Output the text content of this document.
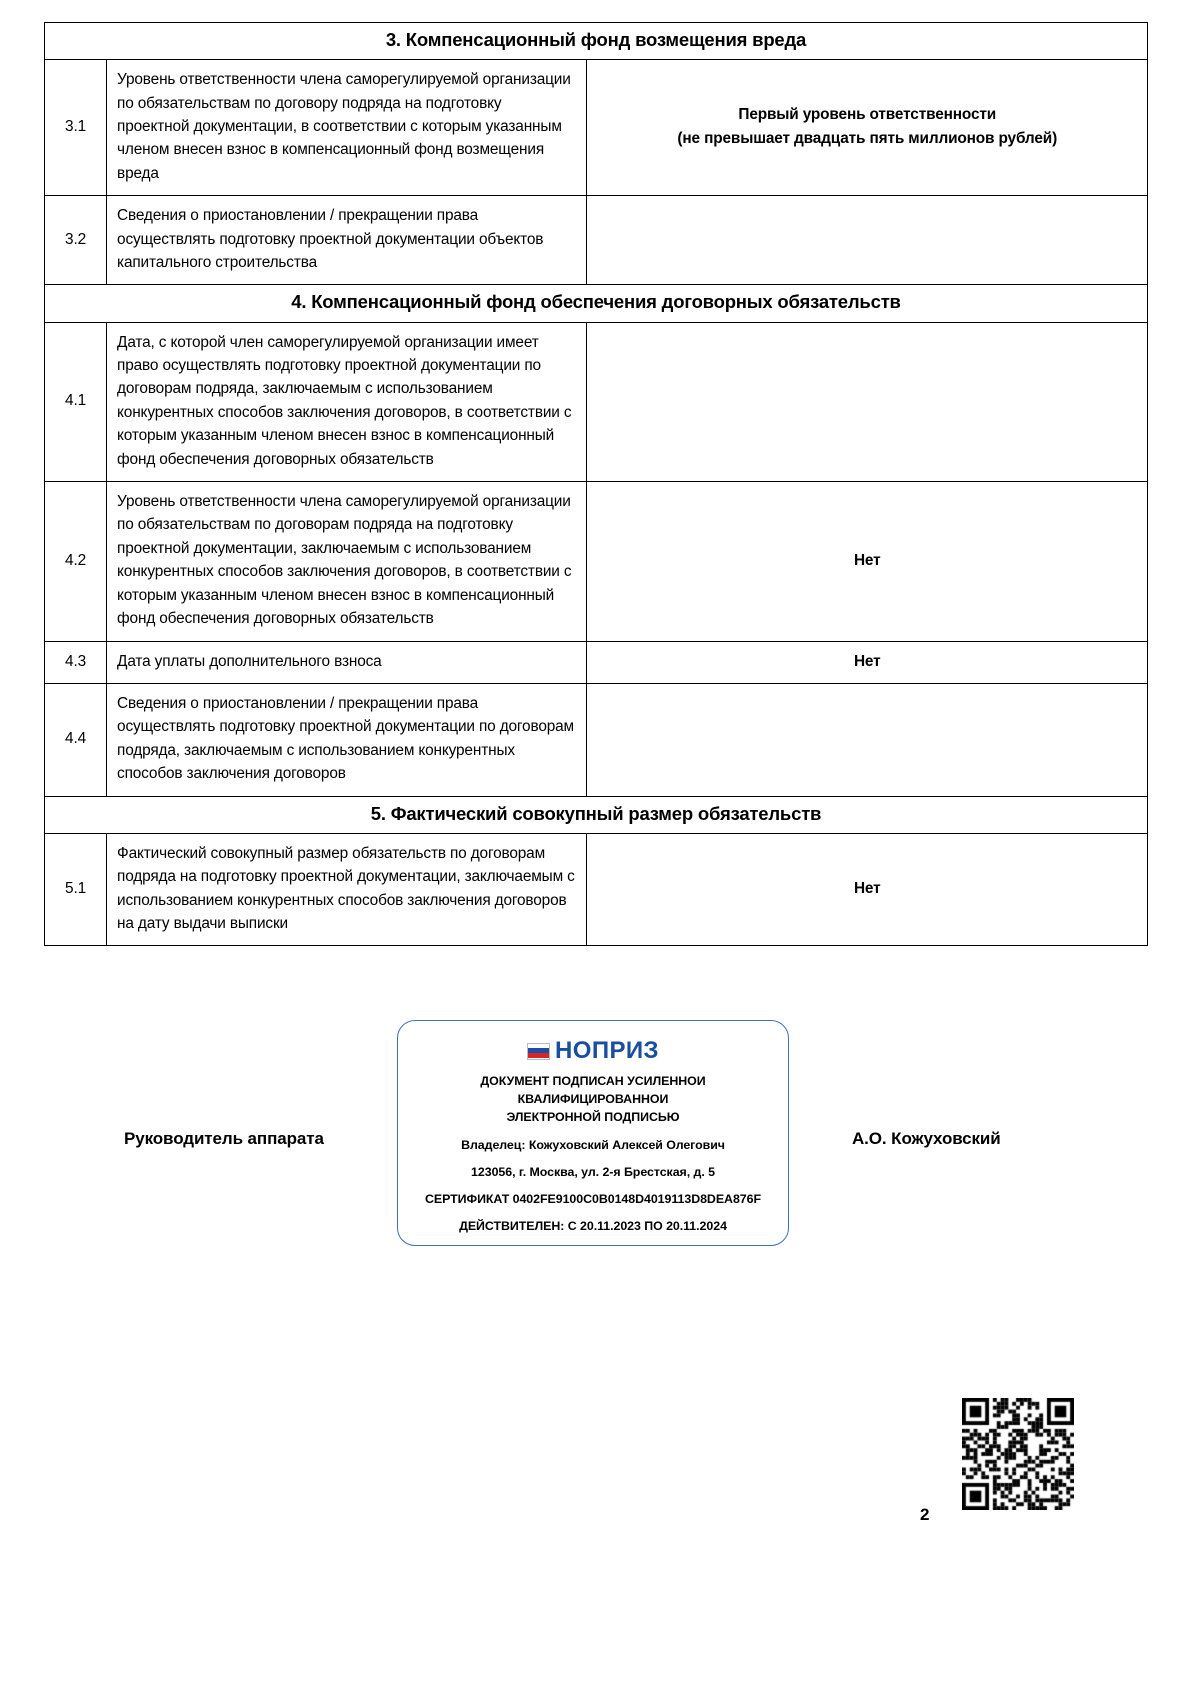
3. Компенсационный фонд возмещения вреда		
3.1	Уровень ответственности члена саморегулируемой организации по обязательствам по договору подряда на подготовку проектной документации, в соответствии с которым указанным членом внесен взнос в компенсационный фонд возмещения вреда	Первый уровень ответственности
(не превышает двадцать пять миллионов рублей)
3.2	Сведения о приостановлении / прекращении права осуществлять подготовку проектной документации объектов капитального строительства	
4. Компенсационный фонд обеспечения договорных обязательств		
4.1	Дата, с которой член саморегулируемой организации имеет право осуществлять подготовку проектной документации по договорам подряда, заключаемым с использованием конкурентных способов заключения договоров, в соответствии с которым указанным членом внесен взнос в компенсационный фонд обеспечения договорных обязательств	
4.2	Уровень ответственности члена саморегулируемой организации по обязательствам по договорам подряда на подготовку проектной документации, заключаемым с использованием конкурентных способов заключения договоров, в соответствии с которым указанным членом внесен взнос в компенсационный фонд обеспечения договорных обязательств	Нет
4.3	Дата уплаты дополнительного взноса	Нет
4.4	Сведения о приостановлении / прекращении права осуществлять подготовку проектной документации по договорам подряда, заключаемым с использованием конкурентных способов заключения договоров	
5. Фактический совокупный размер обязательств		
5.1	Фактический совокупный размер обязательств по договорам подряда на подготовку проектной документации, заключаемым с использованием конкурентных способов заключения договоров на дату выдачи выписки	Нет
Руководитель аппарата
НОПРИЗ
ДОКУМЕНТ ПОДПИСАН УСИЛЕННОИ КВАЛИФИЦИРОВАННОИ
ЭЛЕКТРОННОЙ ПОДПИСЬЮ
Владелец: Кожуховский Алексей Олегович
123056, г. Москва, ул. 2-я Брестская, д. 5
СЕРТИФИКАТ 0402FE9100C0B0148D4019113D8DEA876F
ДЕЙСТВИТЕЛЕН: С 20.11.2023 ПО 20.11.2024
А.О. Кожуховский
2
